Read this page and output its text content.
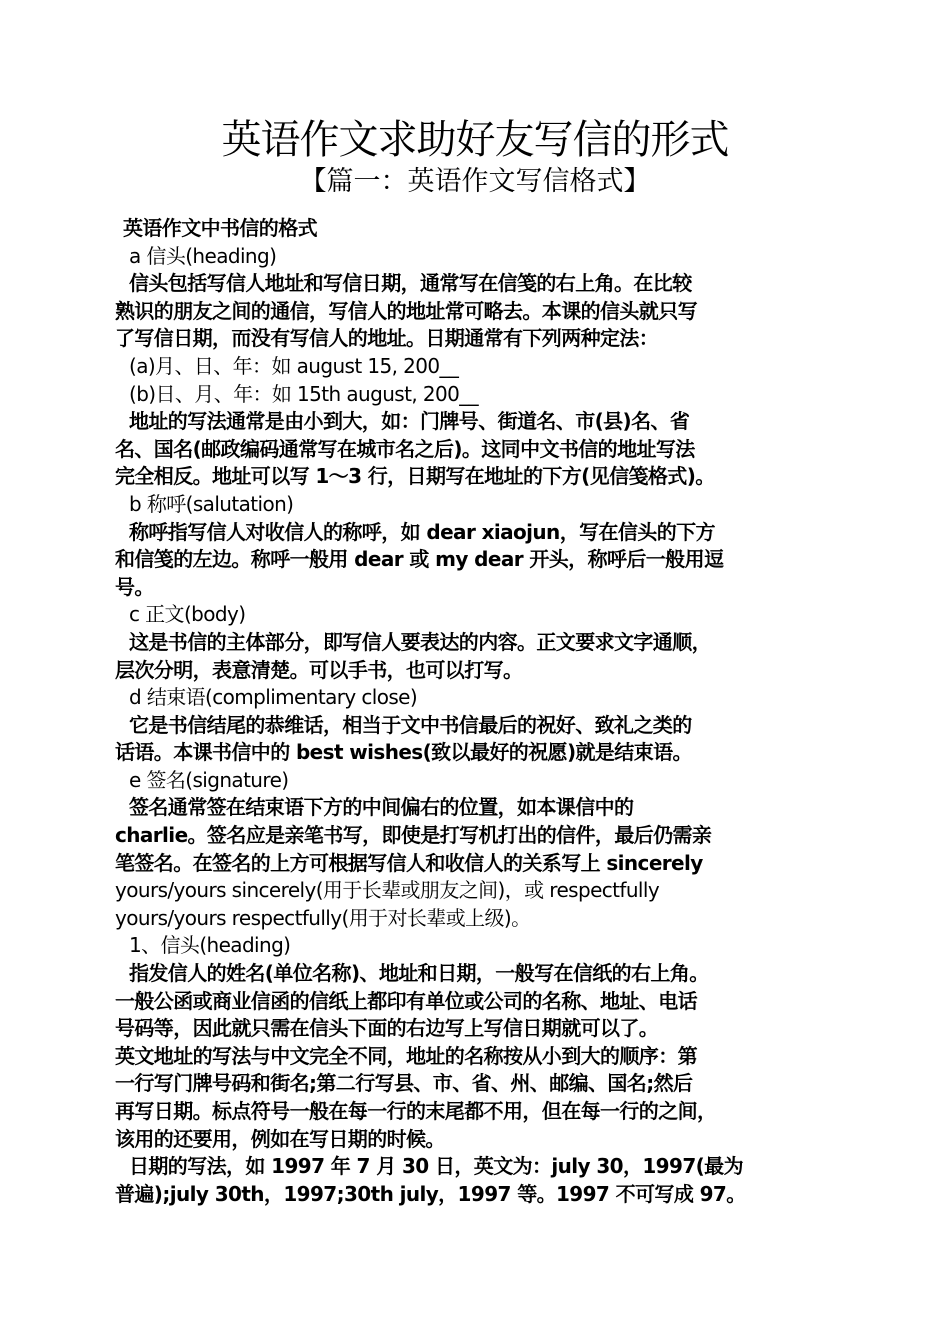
英语作文求助好友写信的形式
【篇一：英语作文写信格式】
英语作文中书信的格式
a 信头(heading)
信头包括写信人地址和写信日期，通常写在信笺的右上角。在比较
熟识的朋友之间的通信，写信人的地址常可略去。本课的信头就只写
了写信日期，而没有写信人的地址。日期通常有下列两种定法：
(a)月、日、年：如 august 15, 200__
(b)日、月、年：如 15th august, 200__
地址的写法通常是由小到大，如：门牌号、街道名、市(县)名、省
名、国名(邮政编码通常写在城市名之后)。这同中文书信的地址写法
完全相反。地址可以写 1～3 行，日期写在地址的下方(见信笺格式)。
b 称呼(salutation)
称呼指写信人对收信人的称呼，如 dear xiaojun，写在信头的下方
和信笺的左边。称呼一般用 dear 或 my dear 开头，称呼后一般用逗
号。
c 正文(body)
这是书信的主体部分，即写信人要表达的内容。正文要求文字通顺，
层次分明，表意清楚。可以手书，也可以打写。
d 结束语(complimentary close)
它是书信结尾的恭维话，相当于文中书信最后的祝好、致礼之类的
话语。本课书信中的 best wishes(致以最好的祝愿)就是结束语。
e 签名(signature)
签名通常签在结束语下方的中间偏右的位置，如本课信中的
charlie。签名应是亲笔书写，即使是打写机打出的信件，最后仍需亲
笔签名。在签名的上方可根据写信人和收信人的关系写上 sincerely
yours/yours sincerely(用于长辈或朋友之间)，或 respectfully
yours/yours respectfully(用于对长辈或上级)。
1、信头(heading)
指发信人的姓名(单位名称)、地址和日期，一般写在信纸的右上角。
一般公函或商业信函的信纸上都印有单位或公司的名称、地址、电话
号码等，因此就只需在信头下面的右边写上写信日期就可以了。
英文地址的写法与中文完全不同，地址的名称按从小到大的顺序：第
一行写门牌号码和街名;第二行写县、市、省、州、邮编、国名;然后
再写日期。标点符号一般在每一行的末尾都不用，但在每一行的之间，
该用的还要用，例如在写日期的时候。
日期的写法，如 1997 年 7 月 30 日，英文为：july 30，1997(最为
普遍);july 30th，1997;30th july，1997 等。1997 不可写成 97。
